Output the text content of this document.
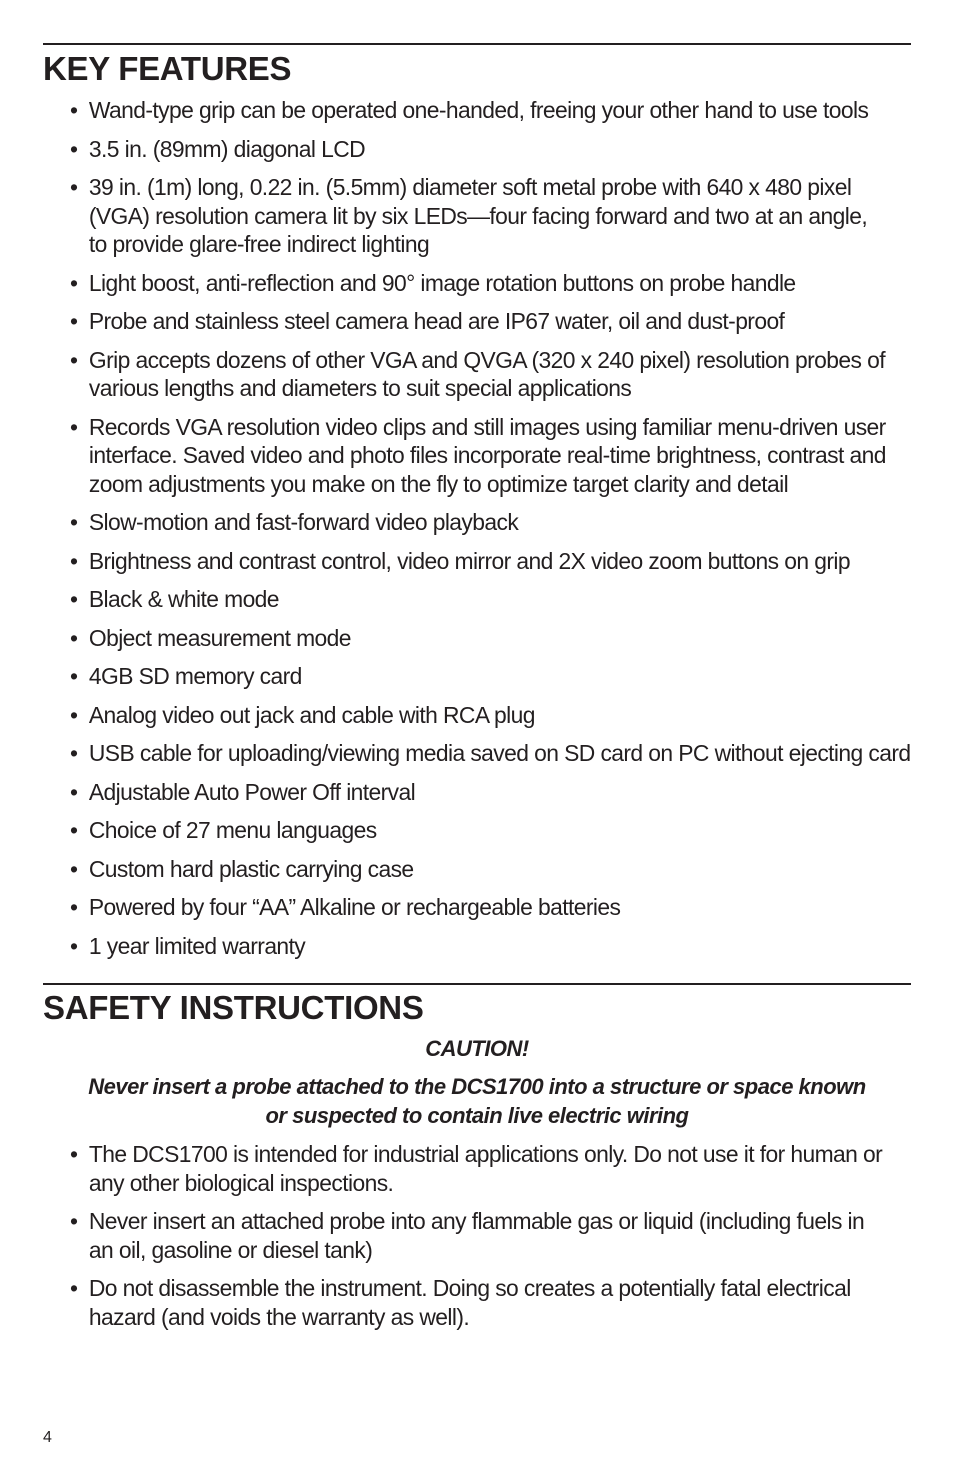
KEY FEATURES
• Wand-type grip can be operated one-handed, freeing your other hand to use tools
• 3.5 in. (89mm) diagonal LCD
• 39 in. (1m) long, 0.22 in. (5.5mm) diameter soft metal probe with 640 x 480 pixel
(VGA) resolution camera lit by six LEDs—four facing forward and two at an angle,
to provide glare-free indirect lighting
• Light boost, anti-reflection and 90° image rotation buttons on probe handle
• Probe and stainless steel camera head are IP67 water, oil and dust-proof
• Grip accepts dozens of other VGA and QVGA (320 x 240 pixel) resolution probes of
various lengths and diameters to suit special applications
• Records VGA resolution video clips and still images using familiar menu-driven user
interface. Saved video and photo files incorporate real-time brightness, contrast and
zoom adjustments you make on the fly to optimize target clarity and detail
• Slow-motion and fast-forward video playback
• Brightness and contrast control, video mirror and 2X video zoom buttons on grip
• Black & white mode
• Object measurement mode
• 4GB SD memory card
• Analog video out jack and cable with RCA plug
• USB cable for uploading/viewing media saved on SD card on PC without ejecting card
• Adjustable Auto Power Off interval
• Choice of 27 menu languages
• Custom hard plastic carrying case
• Powered by four “AA” Alkaline or rechargeable batteries
• 1 year limited warranty
SAFETY INSTRUCTIONS

CAUTION!

Never insert a probe attached to the DCS1700 into a structure or space known

or suspected to contain live electric wiring

• The DCS1700 is intended for industrial applications only. Do not use it for human or
any other biological inspections.
• Never insert an attached probe into any flammable gas or liquid (including fuels in
an oil, gasoline or diesel tank)
• Do not disassemble the instrument. Doing so creates a potentially fatal electrical
hazard (and voids the warranty as well).
4
